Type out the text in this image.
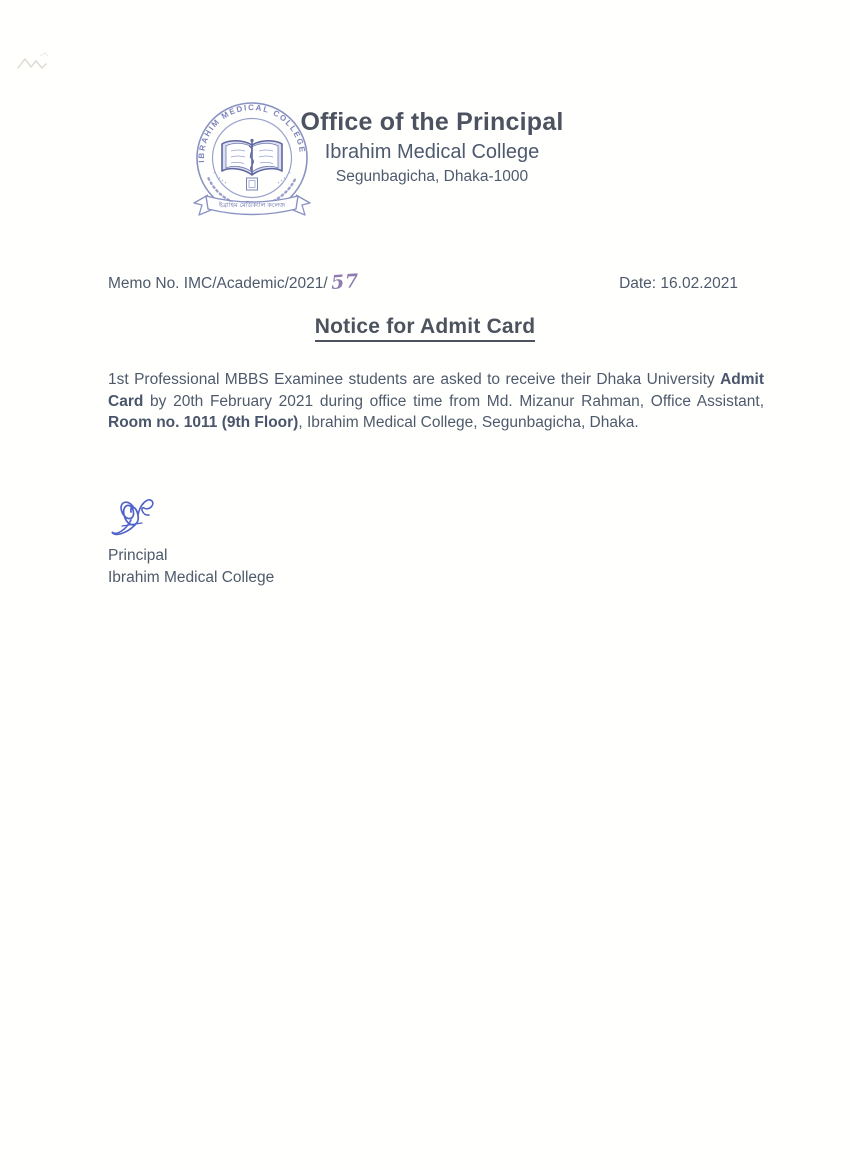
IBRAHIM MEDICAL COLLEGE
ইব্রাহিম মেডিক্যাল কলেজ
Office of the Principal
Ibrahim Medical College
Segunbagicha, Dhaka-1000
Memo No. IMC/Academic/2021/ 57	Date: 16.02.2021
Notice for Admit Card

1st Professional MBBS Examinee students are asked to receive their Dhaka University Admit Card by 20th February 2021 during office time from Md. Mizanur Rahman, Office Assistant, Room no. 1011 (9th Floor), Ibrahim Medical College, Segunbagicha, Dhaka.

Principal
Ibrahim Medical College
